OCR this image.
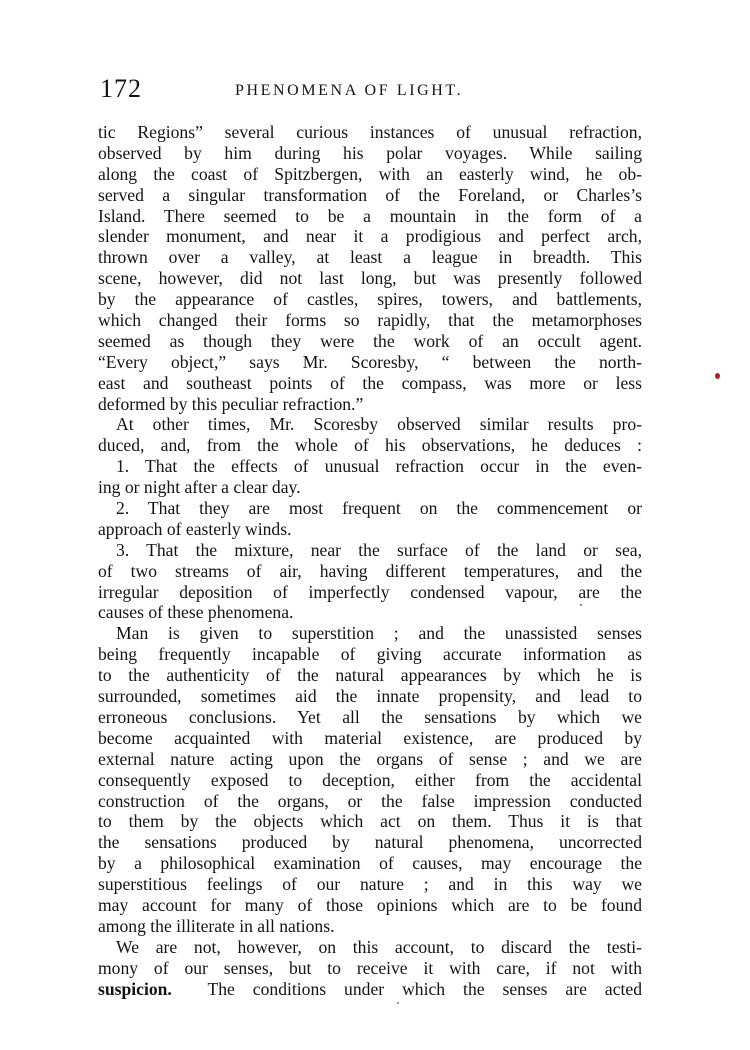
172	PHENOMENA OF LIGHT.
tic Regions” several curious instances of unusual refraction,
observed by him during his polar voyages. While sailing
along the coast of Spitzbergen, with an easterly wind, he ob-
served a singular transformation of the Foreland, or Charles’s
Island. There seemed to be a mountain in the form of a
slender monument, and near it a prodigious and perfect arch,
thrown over a valley, at least a league in breadth. This
scene, however, did not last long, but was presently followed
by the appearance of castles, spires, towers, and battlements,
which changed their forms so rapidly, that the metamorphoses
seemed as though they were the work of an occult agent.
“Every object,” says Mr. Scoresby, “ between the north-
east and southeast points of the compass, was more or less
deformed by this peculiar refraction.”
At other times, Mr. Scoresby observed similar results pro-
duced, and, from the whole of his observations, he deduces :
1. That the effects of unusual refraction occur in the even-
ing or night after a clear day.
2. That they are most frequent on the commencement or
approach of easterly winds.
3. That the mixture, near the surface of the land or sea,
of two streams of air, having different temperatures, and the
irregular deposition of imperfectly condensed vapour, are the
causes of these phenomena.
Man is given to superstition ; and the unassisted senses
being frequently incapable of giving accurate information as
to the authenticity of the natural appearances by which he is
surrounded, sometimes aid the innate propensity, and lead to
erroneous conclusions. Yet all the sensations by which we
become acquainted with material existence, are produced by
external nature acting upon the organs of sense ; and we are
consequently exposed to deception, either from the accidental
construction of the organs, or the false impression conducted
to them by the objects which act on them. Thus it is that
the sensations produced by natural phenomena, uncorrected
by a philosophical examination of causes, may encourage the
superstitious feelings of our nature ; and in this way we
may account for many of those opinions which are to be found
among the illiterate in all nations.
We are not, however, on this account, to discard the testi-
mony of our senses, but to receive it with care, if not with
suspicion. The conditions under which the senses are acted
